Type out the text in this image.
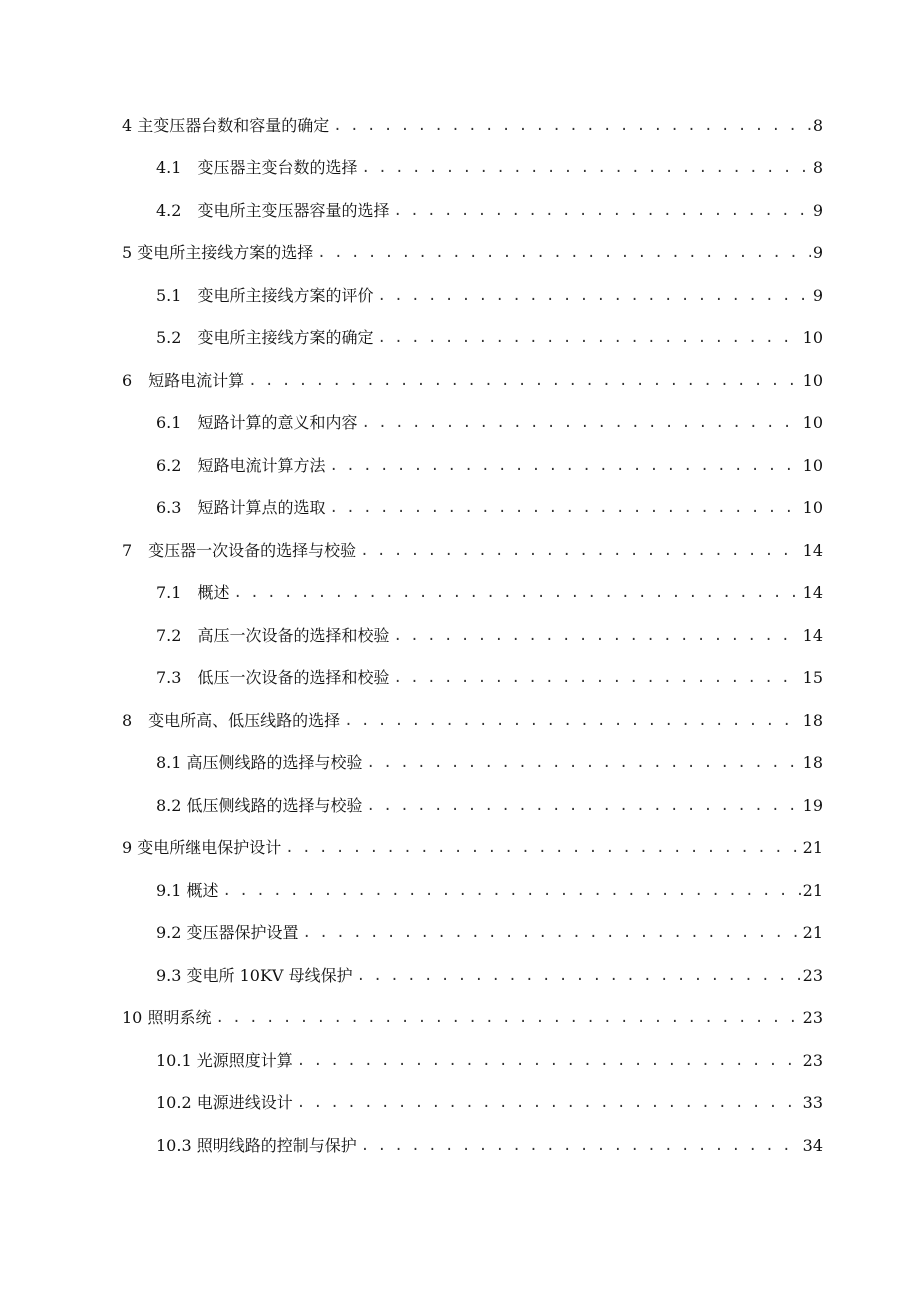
4 主变压器台数和容量的确定 . . .	8
4.1　变压器主变台数的选择 . . .	8
4.2　变电所主变压器容量的选择 . . .	9
5 变电所主接线方案的选择 . . .	9
5.1　变电所主接线方案的评价 . . .	9
5.2　变电所主接线方案的确定 . . .	10
6　短路电流计算 . . .	10
6.1　短路计算的意义和内容 . . .	10
6.2　短路电流计算方法 . . .	10
6.3　短路计算点的选取 . . .	10
7　变压器一次设备的选择与校验 . . .	14
7.1　概述 . . .	14
7.2　高压一次设备的选择和校验 . . .	14
7.3　低压一次设备的选择和校验 . . .	15
8　变电所高、低压线路的选择 . . .	18
8.1 高压侧线路的选择与校验 . . .	18
8.2 低压侧线路的选择与校验 . . .	19
9 变电所继电保护设计 . . .	21
9.1 概述 . . .	21
9.2 变压器保护设置 . . .	21
9.3 变电所 10KV 母线保护 . . .	23
10 照明系统 . . .	23
10.1 光源照度计算 . . .	23
10.2 电源进线设计 . . .	33
10.3 照明线路的控制与保护 . . .	34
